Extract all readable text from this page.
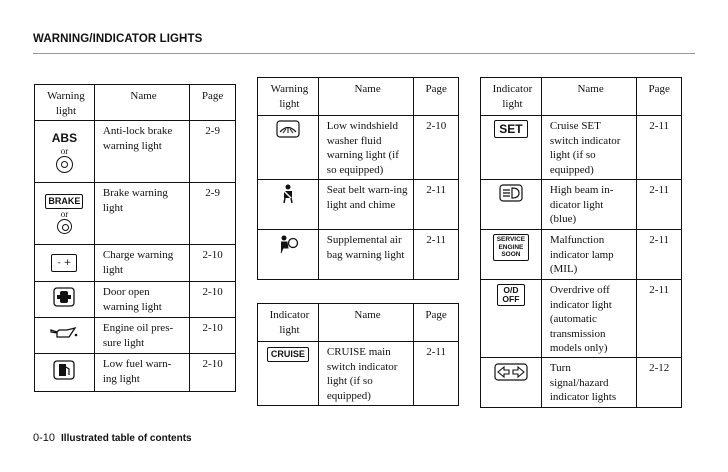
WARNING/INDICATOR LIGHTS
Warning light	Name	Page
ABS
or	Anti-lock brake warning light	2-9
BRAKE
or	Brake warning light	2-9
- +	Charge warning light	2-10
	Door open warning light	2-10
	Engine oil pres-sure light	2-10
	Low fuel warn-ing light	2-10
Warning light	Name	Page
	Low windshield washer fluid warning light (if so equipped)	2-10
	Seat belt warn-ing light and chime	2-11
	Supplemental air bag warning light	2-11
Indicator light	Name	Page
CRUISE	CRUISE main switch indicator light (if so equipped)	2-11
Indicator light	Name	Page
SET	Cruise SET switch indicator light (if so equipped)	2-11
	High beam in-dicator light (blue)	2-11
SERVICE ENGINE SOON	Malfunction indicator lamp (MIL)	2-11
O/D OFF	Overdrive off indicator light (automatic transmission models only)	2-11
	Turn signal/hazard indicator lights	2-12
0-10 Illustrated table of contents
